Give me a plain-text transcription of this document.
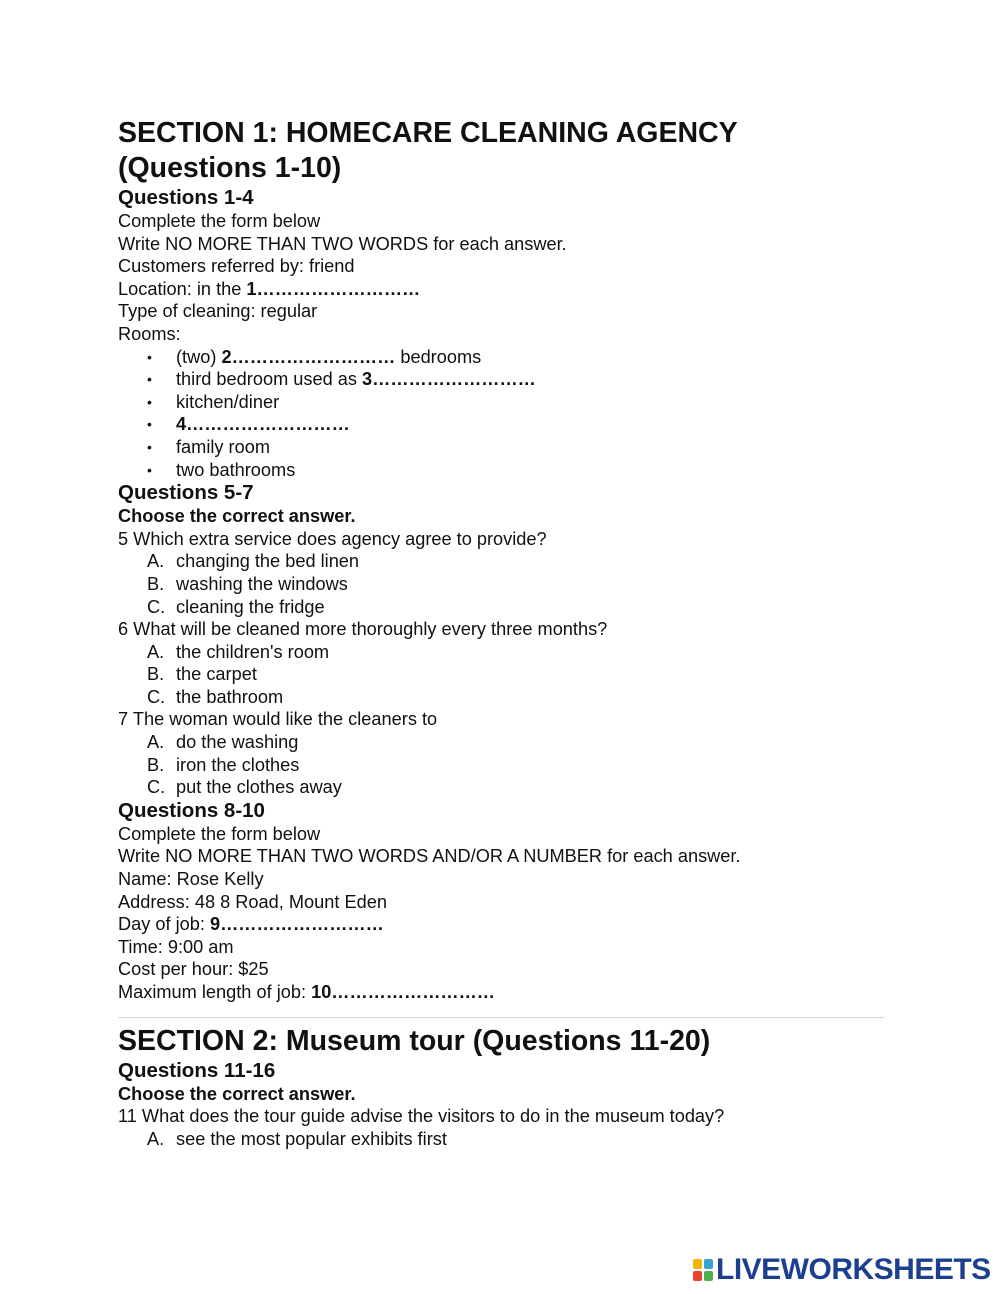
SECTION 1: HOMECARE CLEANING AGENCY
(Questions 1-10)
Questions 1-4
Complete the form below
Write NO MORE THAN TWO WORDS for each answer.
Customers referred by: friend
Location: in the 1………………………
Type of cleaning: regular
Rooms:
• (two) 2……………………… bedrooms
• third bedroom used as 3………………………
• kitchen/diner
• 4………………………
• family room
• two bathrooms
Questions 5-7
Choose the correct answer.
5 Which extra service does agency agree to provide?
A. changing the bed linen
B. washing the windows
C. cleaning the fridge
6 What will be cleaned more thoroughly every three months?
A. the children's room
B. the carpet
C. the bathroom
7 The woman would like the cleaners to
A. do the washing
B. iron the clothes
C. put the clothes away
Questions 8-10
Complete the form below
Write NO MORE THAN TWO WORDS AND/OR A NUMBER for each answer.
Name: Rose Kelly
Address: 48 8 Road, Mount Eden
Day of job: 9………………………
Time: 9:00 am
Cost per hour: $25
Maximum length of job: 10………………………
SECTION 2: Museum tour (Questions 11-20)
Questions 11-16
Choose the correct answer.
11 What does the tour guide advise the visitors to do in the museum today?
A. see the most popular exhibits first
LIVEWORKSHEETS
